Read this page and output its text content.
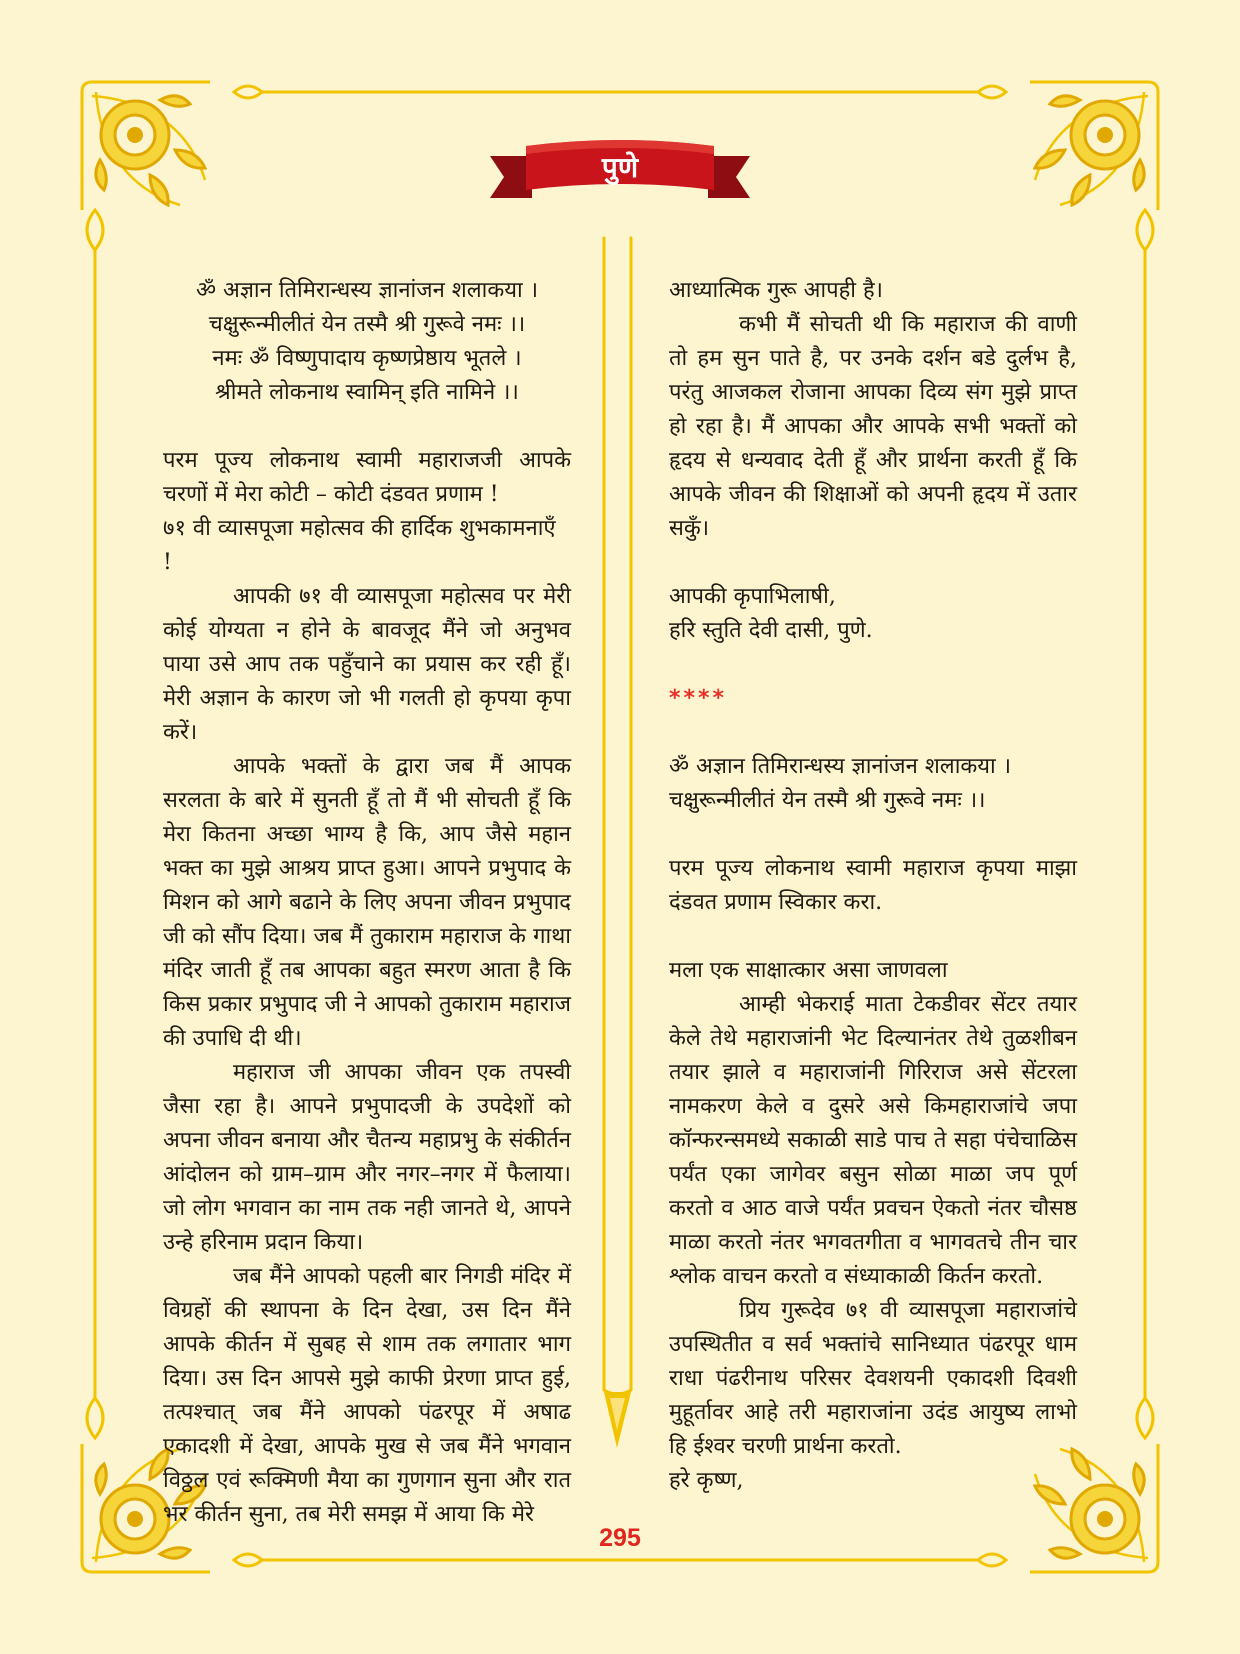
पुणे

ॐ अज्ञान तिमिरान्धस्य ज्ञानांजन शलाकया ।

चक्षुरून्मीलीतं येन तस्मै श्री गुरूवे नमः ।।

नमः ॐ विष्णुपादाय कृष्णप्रेष्ठाय भूतले ।

श्रीमते लोकनाथ स्वामिन् इति नामिने ।।

परम पूज्य लोकनाथ स्वामी महाराजजी आपके चरणों में मेरा कोटी – कोटी दंडवत प्रणाम !

७१ वी व्यासपूजा महोत्सव की हार्दिक शुभकामनाएँ !

आपकी ७१ वी व्यासपूजा महोत्सव पर मेरी कोई योग्यता न होने के बावजूद मैंने जो अनुभव पाया उसे आप तक पहुँचाने का प्रयास कर रही हूँ। मेरी अज्ञान के कारण जो भी गलती हो कृपया कृपा करें।

आपके भक्तों के द्वारा जब मैं आपक सरलता के बारे में सुनती हूँ तो मैं भी सोचती हूँ कि मेरा कितना अच्छा भाग्य है कि, आप जैसे महान भक्त का मुझे आश्रय प्राप्त हुआ। आपने प्रभुपाद के मिशन को आगे बढाने के लिए अपना जीवन प्रभुपाद जी को सौंप दिया। जब मैं तुकाराम महाराज के गाथा मंदिर जाती हूँ तब आपका बहुत स्मरण आता है कि किस प्रकार प्रभुपाद जी ने आपको तुकाराम महाराज की उपाधि दी थी।

महाराज जी आपका जीवन एक तपस्वी जैसा रहा है। आपने प्रभुपादजी के उपदेशों को अपना जीवन बनाया और चैतन्य महाप्रभु के संकीर्तन आंदोलन को ग्राम–ग्राम और नगर–नगर में फैलाया। जो लोग भगवान का नाम तक नही जानते थे, आपने उन्हे हरिनाम प्रदान किया।

जब मैंने आपको पहली बार निगडी मंदिर में विग्रहों की स्थापना के दिन देखा, उस दिन मैंने आपके कीर्तन में सुबह से शाम तक लगातार भाग दिया। उस दिन आपसे मुझे काफी प्रेरणा प्राप्त हुई, तत्पश्चात् जब मैंने आपको पंढरपूर में अषाढ एकादशी में देखा, आपके मुख से जब मैंने भगवान विठ्ठल एवं रूक्मिणी मैया का गुणगान सुना और रात भर कीर्तन सुना, तब मेरी समझ में आया कि मेरे

आध्यात्मिक गुरू आपही है।

कभी मैं सोचती थी कि महाराज की वाणी तो हम सुन पाते है, पर उनके दर्शन बडे दुर्लभ है, परंतु आजकल रोजाना आपका दिव्य संग मुझे प्राप्त हो रहा है। मैं आपका और आपके सभी भक्तों को हृदय से धन्यवाद देती हूँ और प्रार्थना करती हूँ कि आपके जीवन की शिक्षाओं को अपनी हृदय में उतार सकुँ।

आपकी कृपाभिलाषी,

हरि स्तुति देवी दासी, पुणे.

****

ॐ अज्ञान तिमिरान्धस्य ज्ञानांजन शलाकया ।

चक्षुरून्मीलीतं येन तस्मै श्री गुरूवे नमः ।।

परम पूज्य लोकनाथ स्वामी महाराज कृपया माझा दंडवत प्रणाम स्विकार करा.

मला एक साक्षात्कार असा जाणवला

आम्ही भेकराई माता टेकडीवर सेंटर तयार केले तेथे महाराजांनी भेट दिल्यानंतर तेथे तुळशीबन तयार झाले व महाराजांनी गिरिराज असे सेंटरला नामकरण केले व दुसरे असे किमहाराजांचे जपा कॉन्फरन्समध्ये सकाळी साडे पाच ते सहा पंचेचाळिस पर्यंत एका जागेवर बसुन सोळा माळा जप पूर्ण करतो व आठ वाजे पर्यंत प्रवचन ऐकतो नंतर चौसष्ठ माळा करतो नंतर भगवतगीता व भागवतचे तीन चार श्लोक वाचन करतो व संध्याकाळी किर्तन करतो.

प्रिय गुरूदेव ७१ वी व्यासपूजा महाराजांचे उपस्थितीत व सर्व भक्तांचे सानिध्यात पंढरपूर धाम राधा पंढरीनाथ परिसर देवशयनी एकादशी दिवशी मुहूर्तावर आहे तरी महाराजांना उदंड आयुष्य लाभो हि ईश्वर चरणी प्रार्थना करतो.

हरे कृष्ण,

295
